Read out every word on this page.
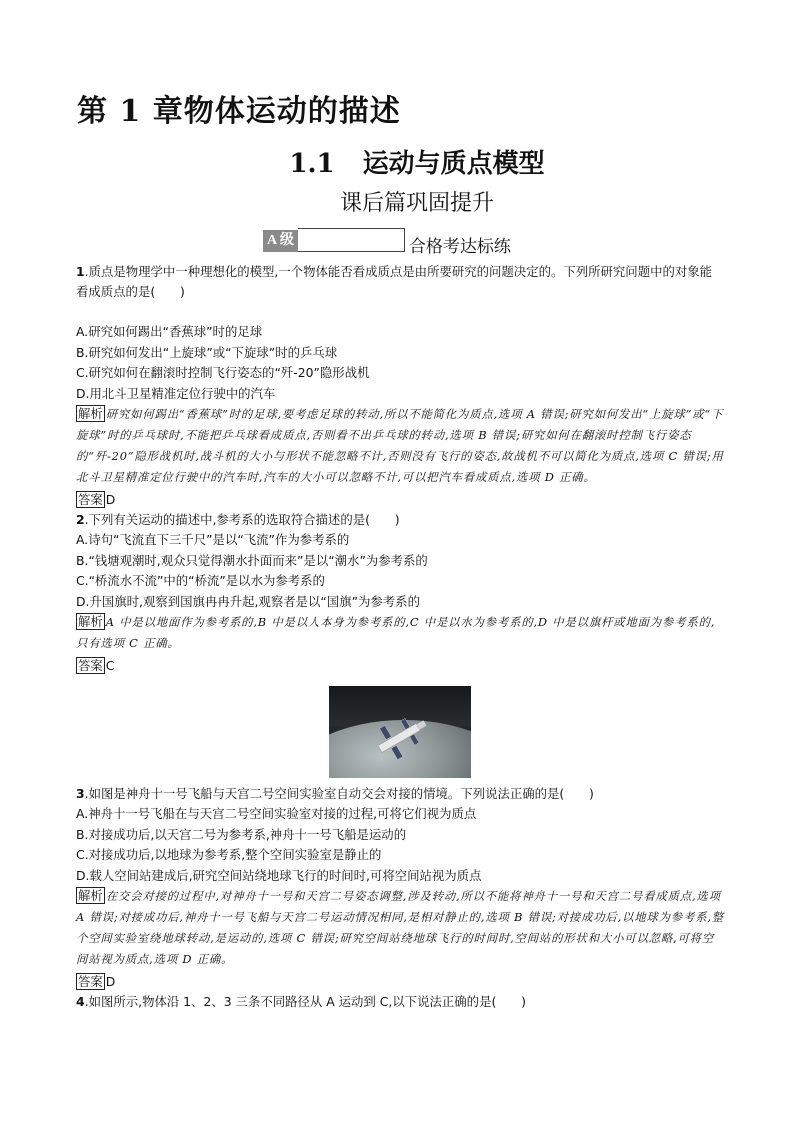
第 1 章物体运动的描述
1.1 运动与质点模型
课后篇巩固提升
A 级	合格考达标练

1.质点是物理学中一种理想化的模型,一个物体能否看成质点是由所要研究的问题决定的。下列所研究问题中的对象能看成质点的是(　　)

A.研究如何踢出“香蕉球”时的足球

B.研究如何发出“上旋球”或“下旋球”时的乒乓球

C.研究如何在翻滚时控制飞行姿态的“歼-20”隐形战机

D.用北斗卫星精准定位行驶中的汽车

解析 研究如何踢出“香蕉球”时的足球,要考虑足球的转动,所以不能简化为质点,选项 A 错误;研究如何发出“上旋球”或“下旋球”时的乒乓球时,不能把乒乓球看成质点,否则看不出乒乓球的转动,选项 B 错误;研究如何在翻滚时控制飞行姿态的“歼-20”隐形战机时,战斗机的大小与形状不能忽略不计,否则没有飞行的姿态,故战机不可以简化为质点,选项 C 错误;用北斗卫星精准定位行驶中的汽车时,汽车的大小可以忽略不计,可以把汽车看成质点,选项 D 正确。

答案 D

2.下列有关运动的描述中,参考系的选取符合描述的是(　　)

A.诗句“飞流直下三千尺”是以“飞流”作为参考系的

B.“钱塘观潮时,观众只觉得潮水扑面而来”是以“潮水”为参考系的

C.“桥流水不流”中的“桥流”是以水为参考系的

D.升国旗时,观察到国旗冉冉升起,观察者是以“国旗”为参考系的

解析 A 中是以地面作为参考系的,B 中是以人本身为参考系的,C 中是以水为参考系的,D 中是以旗杆或地面为参考系的,只有选项 C 正确。

答案 C

3.如图是神舟十一号飞船与天宫二号空间实验室自动交会对接的情境。下列说法正确的是(　　)

A.神舟十一号飞船在与天宫二号空间实验室对接的过程,可将它们视为质点

B.对接成功后,以天宫二号为参考系,神舟十一号飞船是运动的

C.对接成功后,以地球为参考系,整个空间实验室是静止的

D.载人空间站建成后,研究空间站绕地球飞行的时间时,可将空间站视为质点

解析 在交会对接的过程中,对神舟十一号和天宫二号姿态调整,涉及转动,所以不能将神舟十一号和天宫二号看成质点,选项 A 错误;对接成功后,神舟十一号飞船与天宫二号运动情况相同,是相对静止的,选项 B 错误;对接成功后,以地球为参考系,整个空间实验室绕地球转动,是运动的,选项 C 错误;研究空间站绕地球飞行的时间时,空间站的形状和大小可以忽略,可将空间站视为质点,选项 D 正确。

答案 D

4.如图所示,物体沿 1、2、3 三条不同路径从 A 运动到 C,以下说法正确的是(　　)
